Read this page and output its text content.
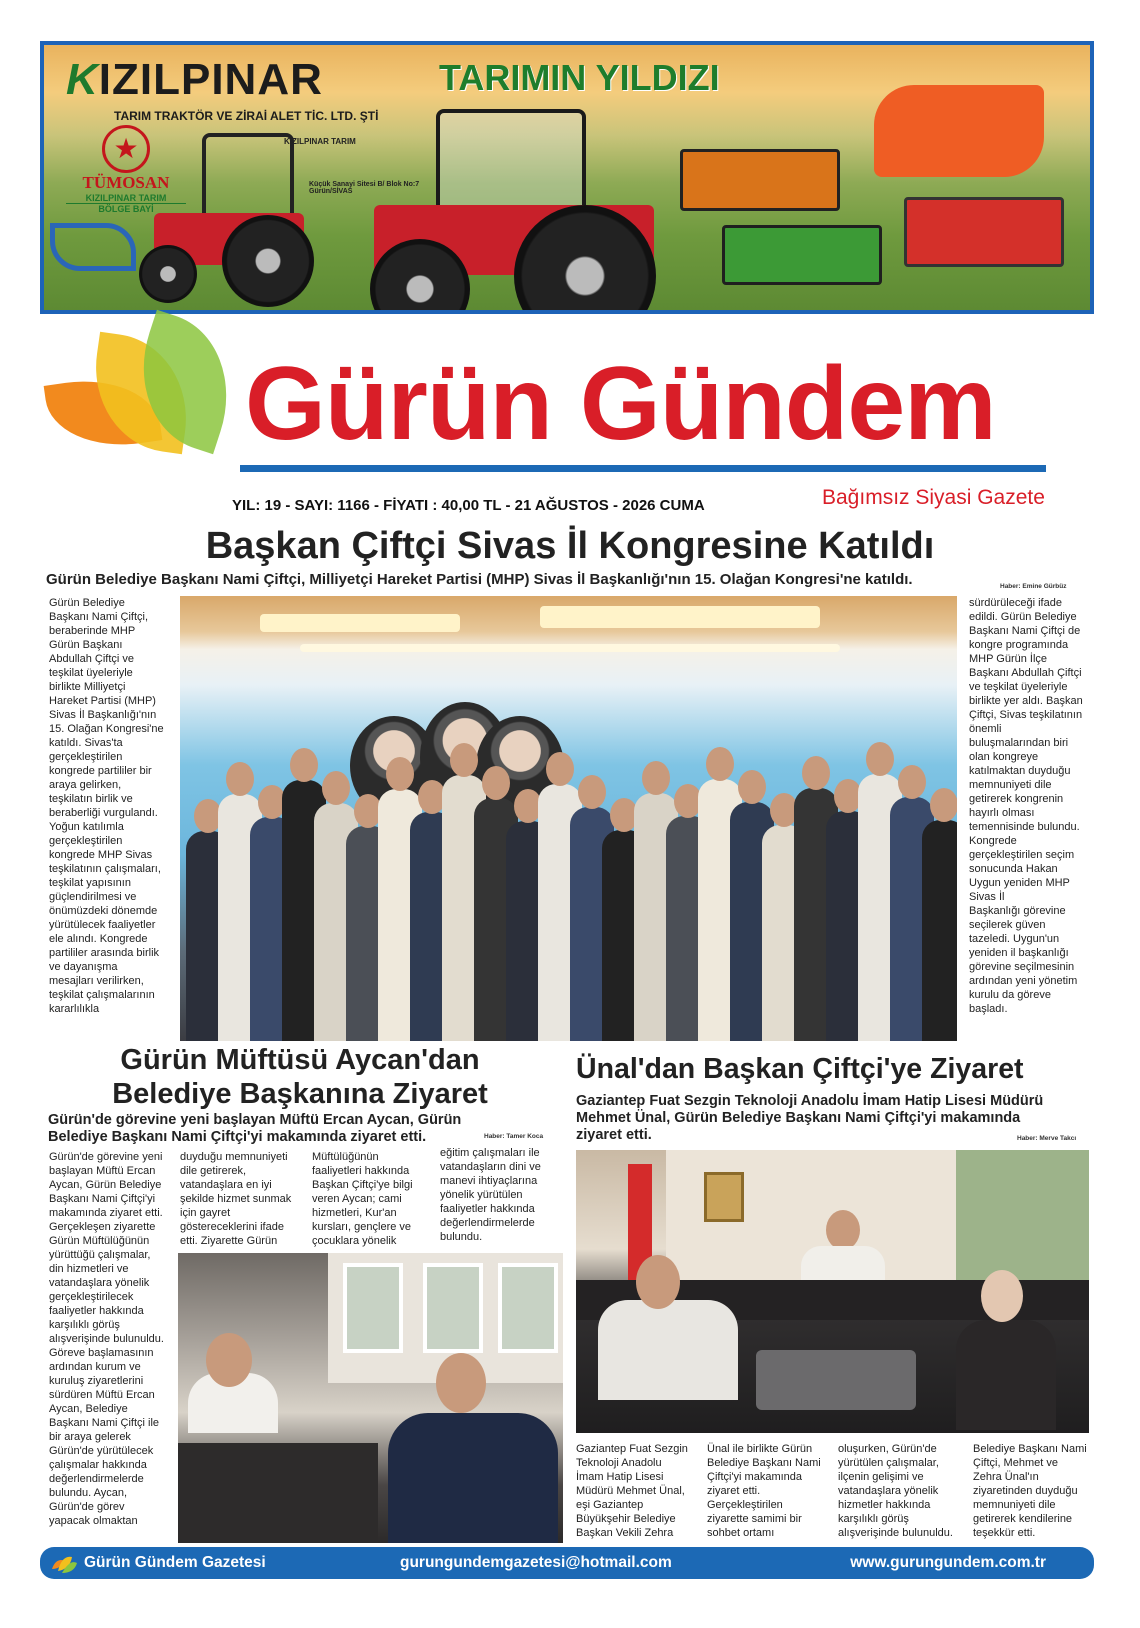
KIZILPINAR
TARIM TRAKTÖR VE ZİRAİ ALET TİC. LTD. ŞTİ
TARIMIN YILDIZI
★
TÜMOSAN
KIZILPINAR TARIM
BÖLGE BAYİ
KIZILPINAR TARIM
Küçük Sanayi Sitesi B/ Blok No:7
Gürün/SİVAS
Gürün Gündem
YIL: 19 - SAYI: 1166 - FİYATI : 40,00 TL - 21 AĞUSTOS - 2026 CUMA	Bağımsız Siyasi Gazete
Başkan Çiftçi Sivas İl Kongresine Katıldı
Gürün Belediye Başkanı Nami Çiftçi, Milliyetçi Hareket Partisi (MHP) Sivas İl Başkanlığı'nın 15. Olağan Kongresi'ne katıldı.	Haber: Emine Gürbüz
Gürün Belediye
Başkanı Nami Çiftçi,
beraberinde MHP
Gürün Başkanı
Abdullah Çiftçi ve
teşkilat üyeleriyle
birlikte Milliyetçi
Hareket Partisi (MHP)
Sivas İl Başkanlığı'nın
15. Olağan Kongresi'ne
katıldı. Sivas'ta
gerçekleştirilen
kongrede partililer bir
araya gelirken,
teşkilatın birlik ve
beraberliği vurgulandı.
Yoğun katılımla
gerçekleştirilen
kongrede MHP Sivas
teşkilatının çalışmaları,
teşkilat yapısının
güçlendirilmesi ve
önümüzdeki dönemde
yürütülecek faaliyetler
ele alındı. Kongrede
partililer arasında birlik
ve dayanışma
mesajları verilirken,
teşkilat çalışmalarının
kararlılıkla
sürdürüleceği ifade
edildi. Gürün Belediye
Başkanı Nami Çiftçi de
kongre programında
MHP Gürün İlçe
Başkanı Abdullah Çiftçi
ve teşkilat üyeleriyle
birlikte yer aldı. Başkan
Çiftçi, Sivas teşkilatının
önemli
buluşmalarından biri
olan kongreye
katılmaktan duyduğu
memnuniyeti dile
getirerek kongrenin
hayırlı olması
temennisinde bulundu.
Kongrede
gerçekleştirilen seçim
sonucunda Hakan
Uygun yeniden MHP
Sivas İl
Başkanlığı görevine
seçilerek güven
tazeledi. Uygun'un
yeniden il başkanlığı
görevine seçilmesinin
ardından yeni yönetim
kurulu da göreve
başladı.
Gürün Müftüsü Aycan'dan
Belediye Başkanına Ziyaret
Gürün'de görevine yeni başlayan Müftü Ercan Aycan, Gürün Belediye Başkanı Nami Çiftçi'yi makamında ziyaret etti.	Haber: Tamer Koca
Gürün'de görevine yeni
başlayan Müftü Ercan
Aycan, Gürün Belediye
Başkanı Nami Çiftçi'yi
makamında ziyaret etti.
Gerçekleşen ziyarette
Gürün Müftülüğünün
yürüttüğü çalışmalar,
din hizmetleri ve
vatandaşlara yönelik
gerçekleştirilecek
faaliyetler hakkında
karşılıklı görüş
alışverişinde bulunuldu.
Göreve başlamasının
ardından kurum ve
kuruluş ziyaretlerini
sürdüren Müftü Ercan
Aycan, Belediye
Başkanı Nami Çiftçi ile
bir araya gelerek
Gürün'de yürütülecek
çalışmalar hakkında
değerlendirmelerde
bulundu. Aycan,
Gürün'de görev
yapacak olmaktan
duyduğu memnuniyeti
dile getirerek,
vatandaşlara en iyi
şekilde hizmet sunmak
için gayret
göstereceklerini ifade
etti. Ziyarette Gürün
Müftülüğünün
faaliyetleri hakkında
Başkan Çiftçi'ye bilgi
veren Aycan; cami
hizmetleri, Kur'an
kursları, gençlere ve
çocuklara yönelik
eğitim çalışmaları ile
vatandaşların dini ve
manevi ihtiyaçlarına
yönelik yürütülen
faaliyetler hakkında
değerlendirmelerde
bulundu.
Ünal'dan Başkan Çiftçi'ye Ziyaret
Gaziantep Fuat Sezgin Teknoloji Anadolu İmam Hatip Lisesi Müdürü Mehmet Ünal, Gürün Belediye Başkanı Nami Çiftçi'yi makamında ziyaret etti.	Haber: Merve Takcı
Gaziantep Fuat Sezgin
Teknoloji Anadolu
İmam Hatip Lisesi
Müdürü Mehmet Ünal,
eşi Gaziantep
Büyükşehir Belediye
Başkan Vekili Zehra
Ünal ile birlikte Gürün
Belediye Başkanı Nami
Çiftçi'yi makamında
ziyaret etti.
Gerçekleştirilen
ziyarette samimi bir
sohbet ortamı
oluşurken, Gürün'de
yürütülen çalışmalar,
ilçenin gelişimi ve
vatandaşlara yönelik
hizmetler hakkında
karşılıklı görüş
alışverişinde bulunuldu.
Belediye Başkanı Nami
Çiftçi, Mehmet ve
Zehra Ünal'ın
ziyaretinden duyduğu
memnuniyeti dile
getirerek kendilerine
teşekkür etti.
Gürün Gündem Gazetesi	gurungundemgazetesi@hotmail.com	www.gurungundem.com.tr
